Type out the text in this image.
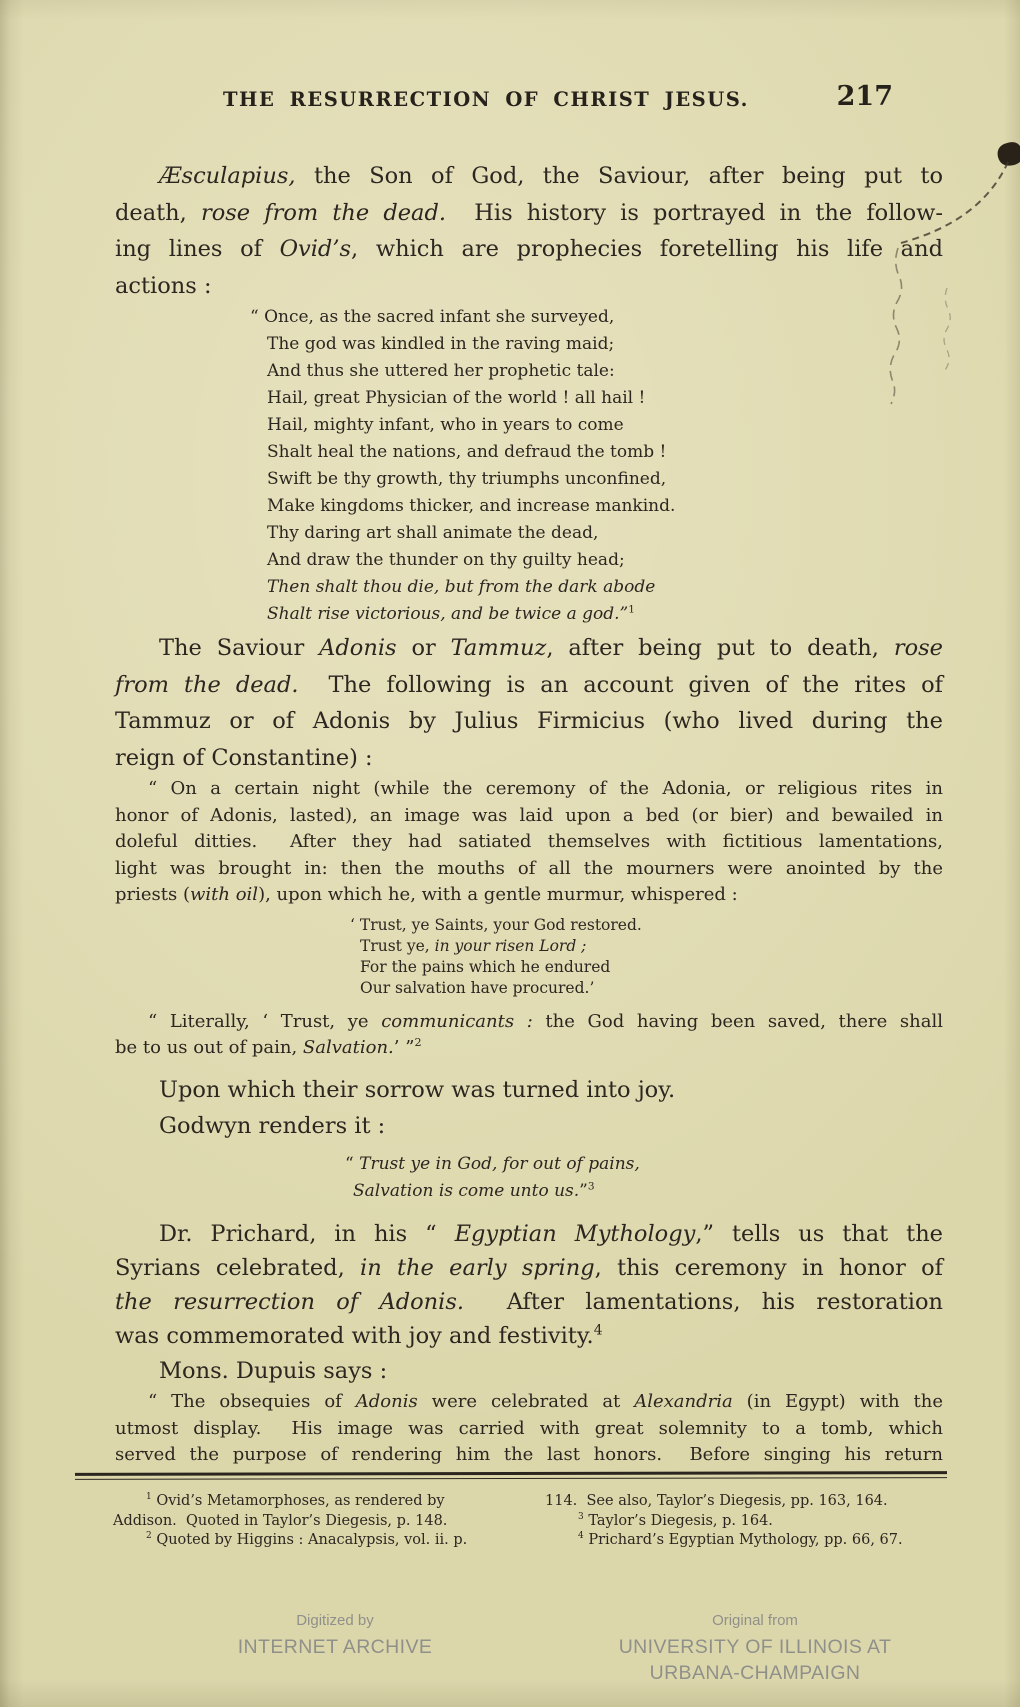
THE RESURRECTION OF CHRIST JESUS.	217
Æsculapius, the Son of God, the Saviour, after being put to
death, rose from the dead.  His history is portrayed in the follow-
ing lines of Ovid’s, which are prophecies foretelling his life and
actions :
“ Once, as the sacred infant she surveyed,
The god was kindled in the raving maid;
And thus she uttered her prophetic tale:
Hail, great Physician of the world ! all hail !
Hail, mighty infant, who in years to come
Shalt heal the nations, and defraud the tomb !
Swift be thy growth, thy triumphs unconfined,
Make kingdoms thicker, and increase mankind.
Thy daring art shall animate the dead,
And draw the thunder on thy guilty head;
Then shalt thou die, but from the dark abode
Shalt rise victorious, and be twice a god.”$^1$
The Saviour Adonis or Tammuz, after being put to death, rose
from the dead.  The following is an account given of the rites of
Tammuz or of Adonis by Julius Firmicius (who lived during the
reign of Constantine) :
“ On a certain night (while the ceremony of the Adonia, or religious rites in
honor of Adonis, lasted), an image was laid upon a bed (or bier) and bewailed in
doleful ditties.  After they had satiated themselves with fictitious lamentations,
light was brought in: then the mouths of all the mourners were anointed by the
priests (with oil), upon which he, with a gentle murmur, whispered :
‘ Trust, ye Saints, your God restored.
Trust ye, in your risen Lord ;
For the pains which he endured
Our salvation have procured.’
“ Literally, ‘ Trust, ye communicants : the God having been saved, there shall
be to us out of pain, Salvation.’ ”$^2$
Upon which their sorrow was turned into joy.
Godwyn renders it :
“ Trust ye in God, for out of pains,
Salvation is come unto us.”$^3$
Dr. Prichard, in his “ Egyptian Mythology,” tells us that the
Syrians celebrated, in the early spring, this ceremony in honor of
the resurrection of Adonis.  After lamentations, his restoration
was commemorated with joy and festivity.$^4$
Mons. Dupuis says :
“ The obsequies of Adonis were celebrated at Alexandria (in Egypt) with the
utmost display.  His image was carried with great solemnity to a tomb, which
served the purpose of rendering him the last honors.  Before singing his return
$^1$ Ovid’s Metamorphoses, as rendered by
Addison.  Quoted in Taylor’s Diegesis, p. 148.
$^2$ Quoted by Higgins : Anacalypsis, vol. ii. p.
114.  See also, Taylor’s Diegesis, pp. 163, 164.
$^3$ Taylor’s Diegesis, p. 164.
$^4$ Prichard’s Egyptian Mythology, pp. 66, 67.
Digitized by
INTERNET ARCHIVE
Original from
UNIVERSITY OF ILLINOIS AT
URBANA-CHAMPAIGN
